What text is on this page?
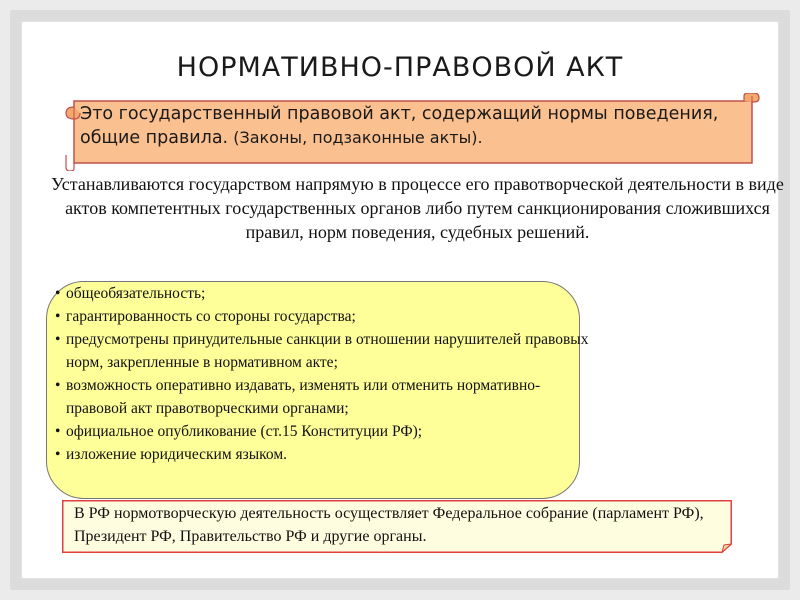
НОРМАТИВНО-ПРАВОВОЙ АКТ
Это государственный правовой акт, содержащий нормы поведения, общие правила. (Законы, подзаконные акты).
Устанавливаются государством напрямую в процессе его правотворческой деятельности в виде актов компетентных государственных органов либо путем санкционирования сложившихся правил, норм поведения, судебных решений.
• общеобязательность;
• гарантированность со стороны государства;
• предусмотрены принудительные санкции в отношении нарушителей правовых норм, закрепленные в нормативном акте;
• возможность оперативно издавать, изменять или отменить нормативно-правовой акт правотворческими органами;
• официальное опубликование (ст.15 Конституции РФ);
• изложение юридическим языком.
В РФ нормотворческую деятельность осуществляет Федеральное собрание (парламент РФ), Президент РФ, Правительство РФ и другие органы.
